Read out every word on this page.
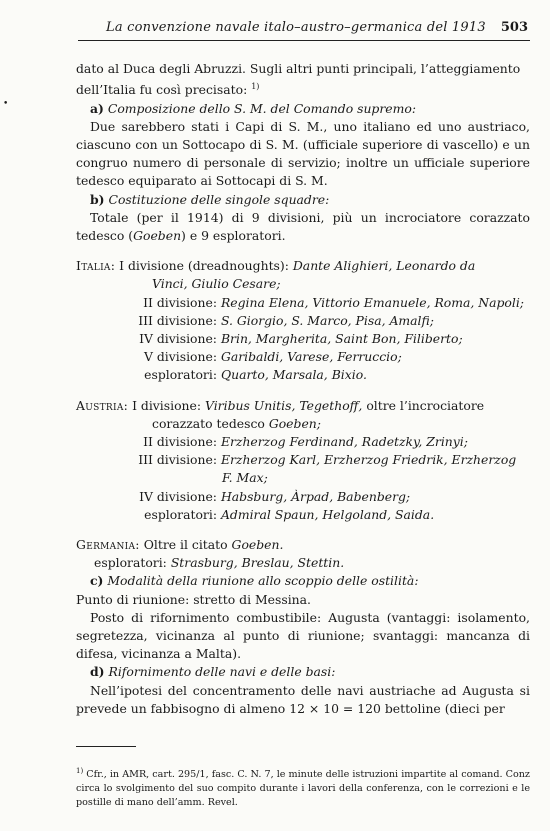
La convenzione navale italo–austro–germanica del 1913 503
•

dato al Duca degli Abruzzi. Sugli altri punti principali, l’atteggiamento

dell’Italia fu così precisato: $^{1)}$

a) Composizione dello S. M. del Comando supremo:

Due sarebbero stati i Capi di S. M., uno italiano ed uno austriaco, ciascuno con un Sottocapo di S. M. (ufficiale superiore di vascello) e un congruo numero di personale di servizio; inoltre un ufficiale superiore tedesco equiparato ai Sottocapi di S. M.

b) Costituzione delle singole squadre:

Totale (per il 1914) di 9 divisioni, più un incrociatore corazzato tedesco (Goeben) e 9 esploratori.

Italia: I divisione (dreadnoughts): Dante Alighieri, Leonardo da

Vinci, Giulio Cesare;

II divisione: Regina Elena, Vittorio Emanuele, Roma, Napoli;

III divisione: S. Giorgio, S. Marco, Pisa, Amalfi;

IV divisione: Brin, Margherita, Saint Bon, Filiberto;

V divisione: Garibaldi, Varese, Ferruccio;

esploratori: Quarto, Marsala, Bixio.

Austria: I divisione: Viribus Unitis, Tegethoff, oltre l’incrociatore

corazzato tedesco Goeben;

II divisione: Erzherzog Ferdinand, Radetzky, Zrinyi;

III divisione: Erzherzog Karl, Erzherzog Friedrik, Erzherzog

F. Max;

IV divisione: Habsburg, Àrpad, Babenberg;

esploratori: Admiral Spaun, Helgoland, Saida.

Germania: Oltre il citato Goeben.

esploratori: Strasburg, Breslau, Stettin.

c) Modalità della riunione allo scoppio delle ostilità:

Punto di riunione: stretto di Messina.

Posto di rifornimento combustibile: Augusta (vantaggi: isolamento, segretezza, vicinanza al punto di riunione; svantaggi: mancanza di difesa, vicinanza a Malta).

d) Rifornimento delle navi e delle basi:

Nell’ipotesi del concentramento delle navi austriache ad Augusta si prevede un fabbisogno di almeno 12 × 10 = 120 bettoline (dieci per

$^{1)}$ Cfr., in AMR, cart. 295/1, fasc. C. N. 7, le minute delle istruzioni impartite al comand. Conz circa lo svolgimento del suo compito durante i lavori della conferenza, con le correzioni e le postille di mano dell’amm. Revel.
